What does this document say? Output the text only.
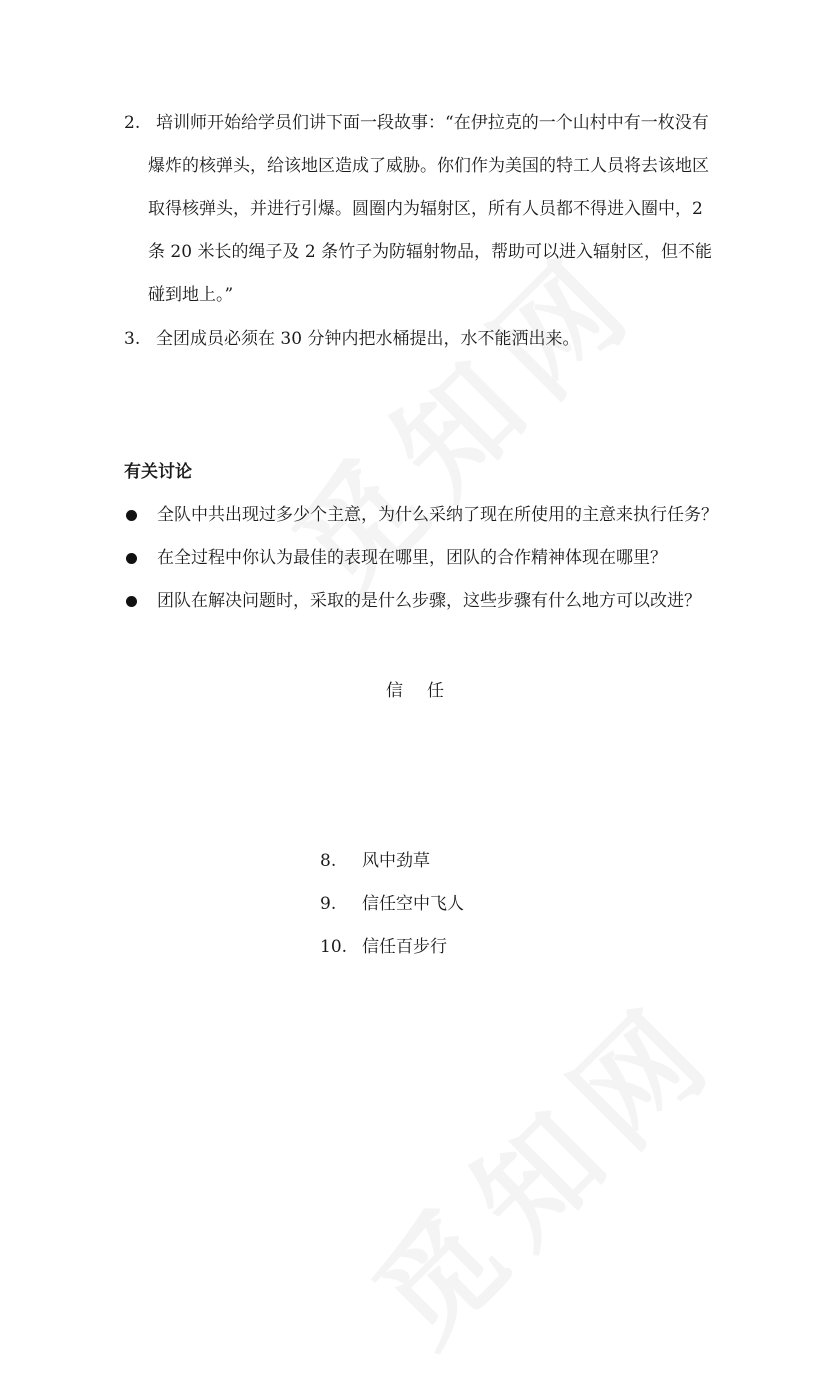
2. 培训师开始给学员们讲下面一段故事：“在伊拉克的一个山村中有一枚没有爆炸的核弹头，给该地区造成了威胁。你们作为美国的特工人员将去该地区取得核弹头，并进行引爆。圆圈内为辐射区，所有人员都不得进入圈中，2 条 20 米长的绳子及 2 条竹子为防辐射物品，帮助可以进入辐射区，但不能碰到地上。”
3. 全团成员必须在 30 分钟内把水桶提出，水不能洒出来。
有关讨论
全队中共出现过多少个主意，为什么采纳了现在所使用的主意来执行任务？
在全过程中你认为最佳的表现在哪里，团队的合作精神体现在哪里？
团队在解决问题时，采取的是什么步骤，这些步骤有什么地方可以改进？
信任
8. 风中劲草
9. 信任空中飞人
10. 信任百步行
